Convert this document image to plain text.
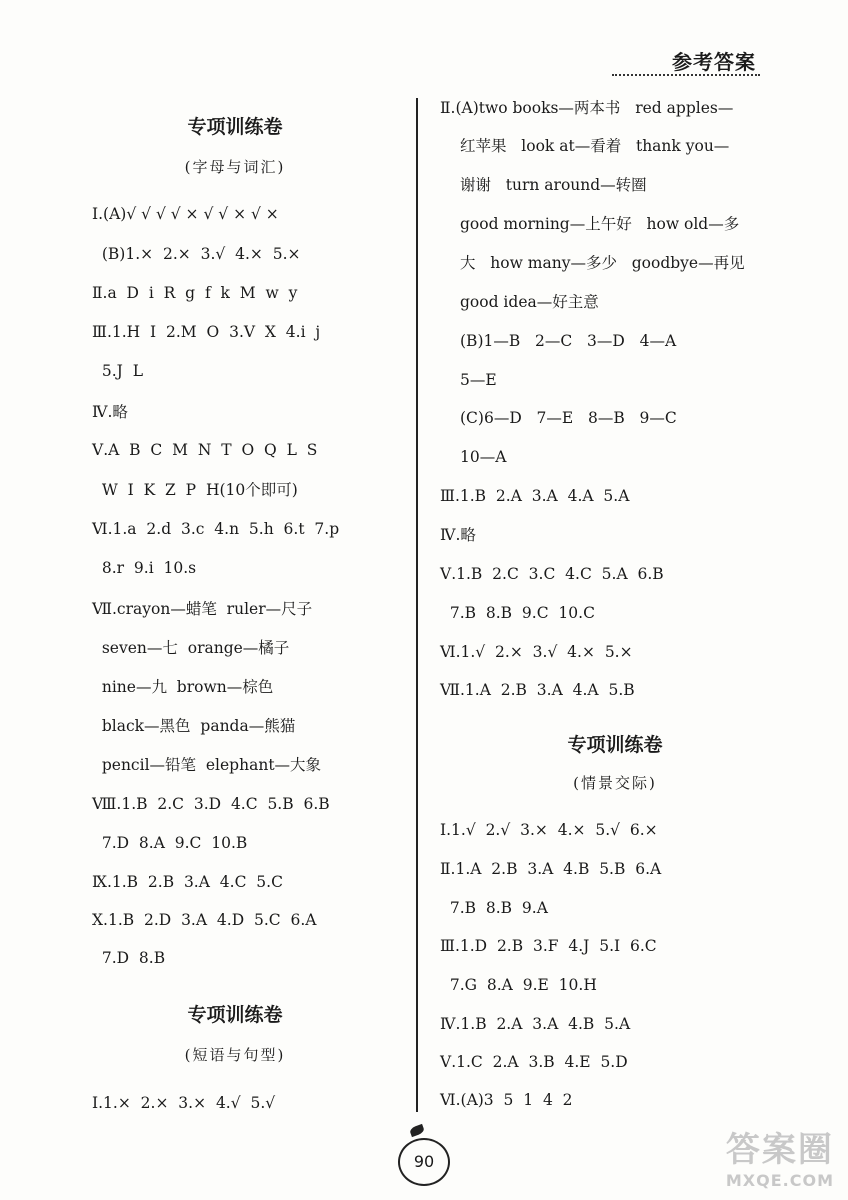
参考答案
专项训练卷
(字母与词汇)
Ⅰ.(A)√ √ √ √ × √ √ × √ ×
(B)1.×  2.×  3.√  4.×  5.×
Ⅱ.a  D  i  R  g  f  k  M  w  y
Ⅲ.1.H  I  2.M  O  3.V  X  4.i  j
5.J  L
Ⅳ.略
Ⅴ.A  B  C  M  N  T  O  Q  L  S
W  I  K  Z  P  H(10个即可)
Ⅵ.1.a  2.d  3.c  4.n  5.h  6.t  7.p
8.r  9.i  10.s
Ⅶ.crayon—蜡笔  ruler—尺子
seven—七  orange—橘子
nine—九  brown—棕色
black—黑色  panda—熊猫
pencil—铅笔  elephant—大象
Ⅷ.1.B  2.C  3.D  4.C  5.B  6.B
7.D  8.A  9.C  10.B
Ⅸ.1.B  2.B  3.A  4.C  5.C
Ⅹ.1.B  2.D  3.A  4.D  5.C  6.A
7.D  8.B
专项训练卷
(短语与句型)
Ⅰ.1.×  2.×  3.×  4.√  5.√
Ⅱ.(A)two books—两本书   red apples—
红苹果   look at—看着   thank you—
谢谢   turn around—转圈
good morning—上午好   how old—多
大   how many—多少   goodbye—再见
good idea—好主意
(B)1—B   2—C   3—D   4—A
5—E
(C)6—D   7—E   8—B   9—C
10—A
Ⅲ.1.B  2.A  3.A  4.A  5.A
Ⅳ.略
Ⅴ.1.B  2.C  3.C  4.C  5.A  6.B
7.B  8.B  9.C  10.C
Ⅵ.1.√  2.×  3.√  4.×  5.×
Ⅶ.1.A  2.B  3.A  4.A  5.B
专项训练卷
(情景交际)
Ⅰ.1.√  2.√  3.×  4.×  5.√  6.×
Ⅱ.1.A  2.B  3.A  4.B  5.B  6.A
7.B  8.B  9.A
Ⅲ.1.D  2.B  3.F  4.J  5.I  6.C
7.G  8.A  9.E  10.H
Ⅳ.1.B  2.A  3.A  4.B  5.A
Ⅴ.1.C  2.A  3.B  4.E  5.D
Ⅵ.(A)3  5  1  4  2
90	答案圈
MXQE.COM
